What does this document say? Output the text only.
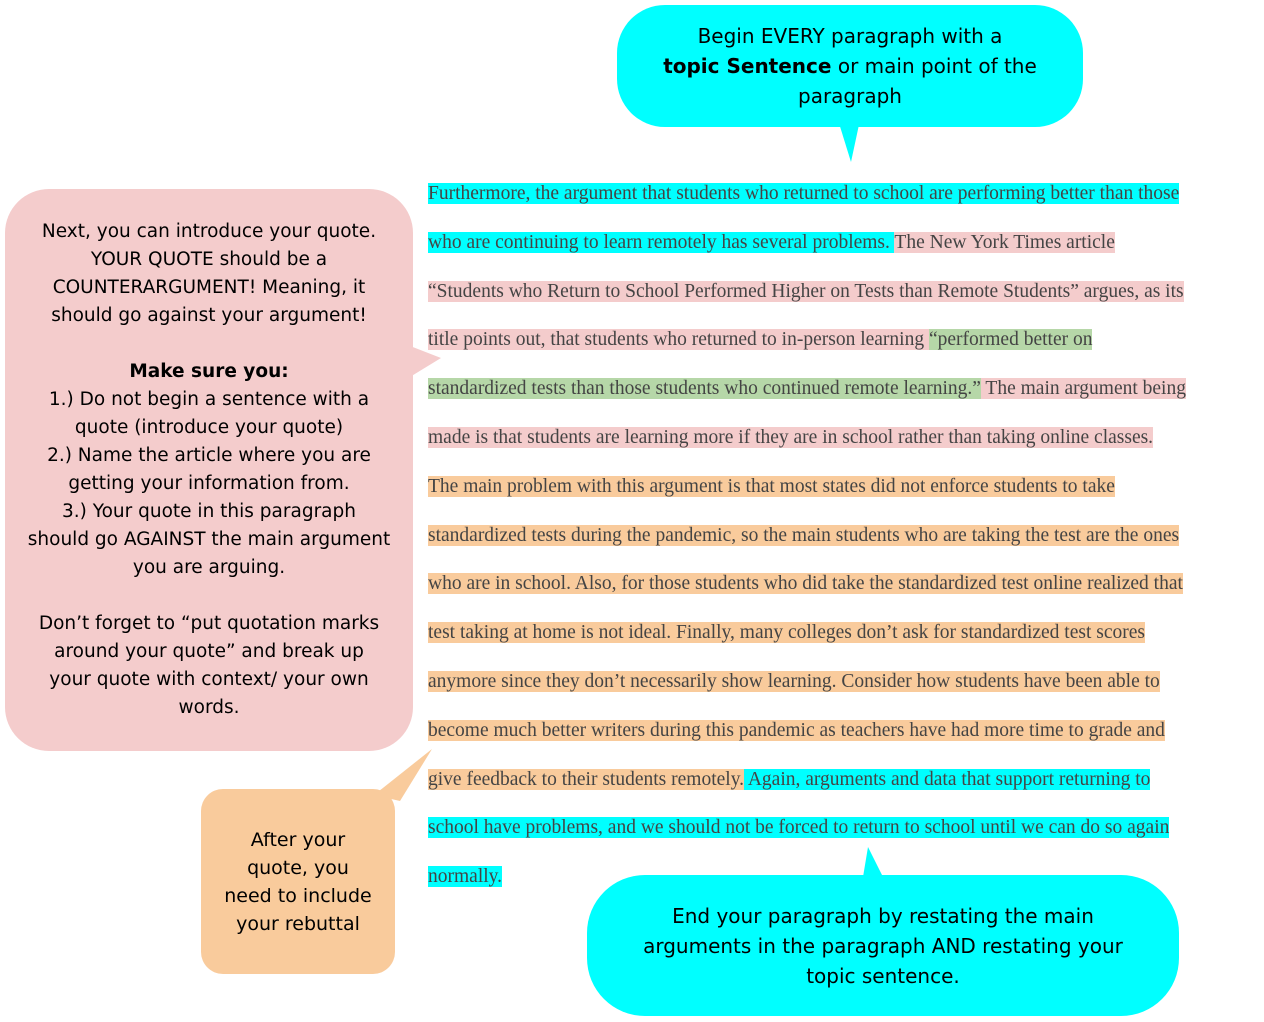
Begin EVERY paragraph with a
topic Sentence or main point of the
paragraph
Next, you can introduce your quote.
YOUR QUOTE should be a
COUNTERARGUMENT! Meaning, it
should go against your argument!
Make sure you:
1.) Do not begin a sentence with a
quote (introduce your quote)
2.) Name the article where you are
getting your information from.
3.) Your quote in this paragraph
should go AGAINST the main argument
you are arguing.
Don’t forget to “put quotation marks
around your quote” and break up
your quote with context/ your own
words.
After your
quote, you
need to include
your rebuttal	End your paragraph by restating the main
arguments in the paragraph AND restating your
topic sentence.
Furthermore, the argument that students who returned to school are performing better than those
who are continuing to learn remotely has several problems. The New York Times article
“Students who Return to School Performed Higher on Tests than Remote Students” argues, as its
title points out, that students who returned to in-person learning “performed better on
standardized tests than those students who continued remote learning.” The main argument being
made is that students are learning more if they are in school rather than taking online classes.
The main problem with this argument is that most states did not enforce students to take
standardized tests during the pandemic, so the main students who are taking the test are the ones
who are in school. Also, for those students who did take the standardized test online realized that
test taking at home is not ideal. Finally, many colleges don’t ask for standardized test scores
anymore since they don’t necessarily show learning. Consider how students have been able to
become much better writers during this pandemic as teachers have had more time to grade and
give feedback to their students remotely. Again, arguments and data that support returning to
school have problems, and we should not be forced to return to school until we can do so again
normally.
